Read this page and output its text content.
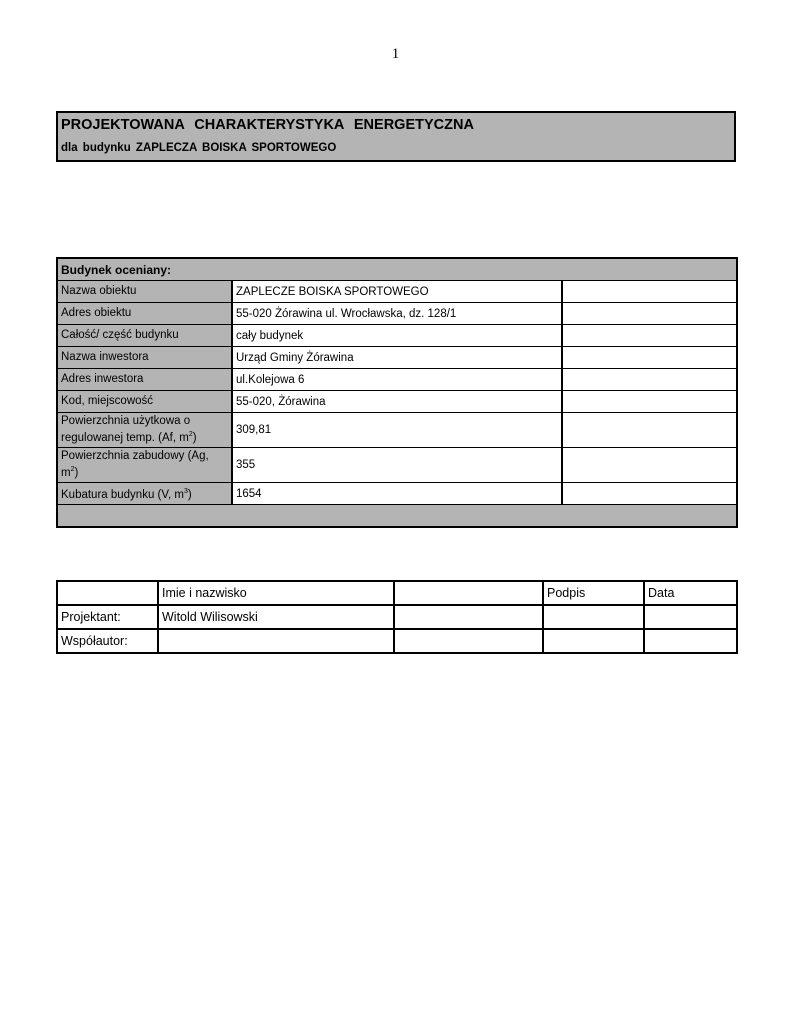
1
PROJEKTOWANA CHARAKTERYSTYKA ENERGETYCZNA
dla budynku ZAPLECZA BOISKA SPORTOWEGO
Budynek oceniany:		
Nazwa obiektu	ZAPLECZE BOISKA SPORTOWEGO	
Adres obiektu	55-020 Żórawina ul. Wrocławska, dz. 128/1	
Całość/ część budynku	cały budynek	
Nazwa inwestora	Urząd Gminy Żórawina	
Adres inwestora	ul.Kolejowa 6	
Kod, miejscowość	55-020, Żórawina	
Powierzchnia użytkowa o regulowanej temp. (Af, $m^2$)	309,81	
Powierzchnia zabudowy (Ag, $m^2$)	355	
Kubatura budynku (V, $m^3$)	1654	

	Imie i nazwisko		Podpis	Data
Projektant:	Witold Wilisowski			
Współautor:				
